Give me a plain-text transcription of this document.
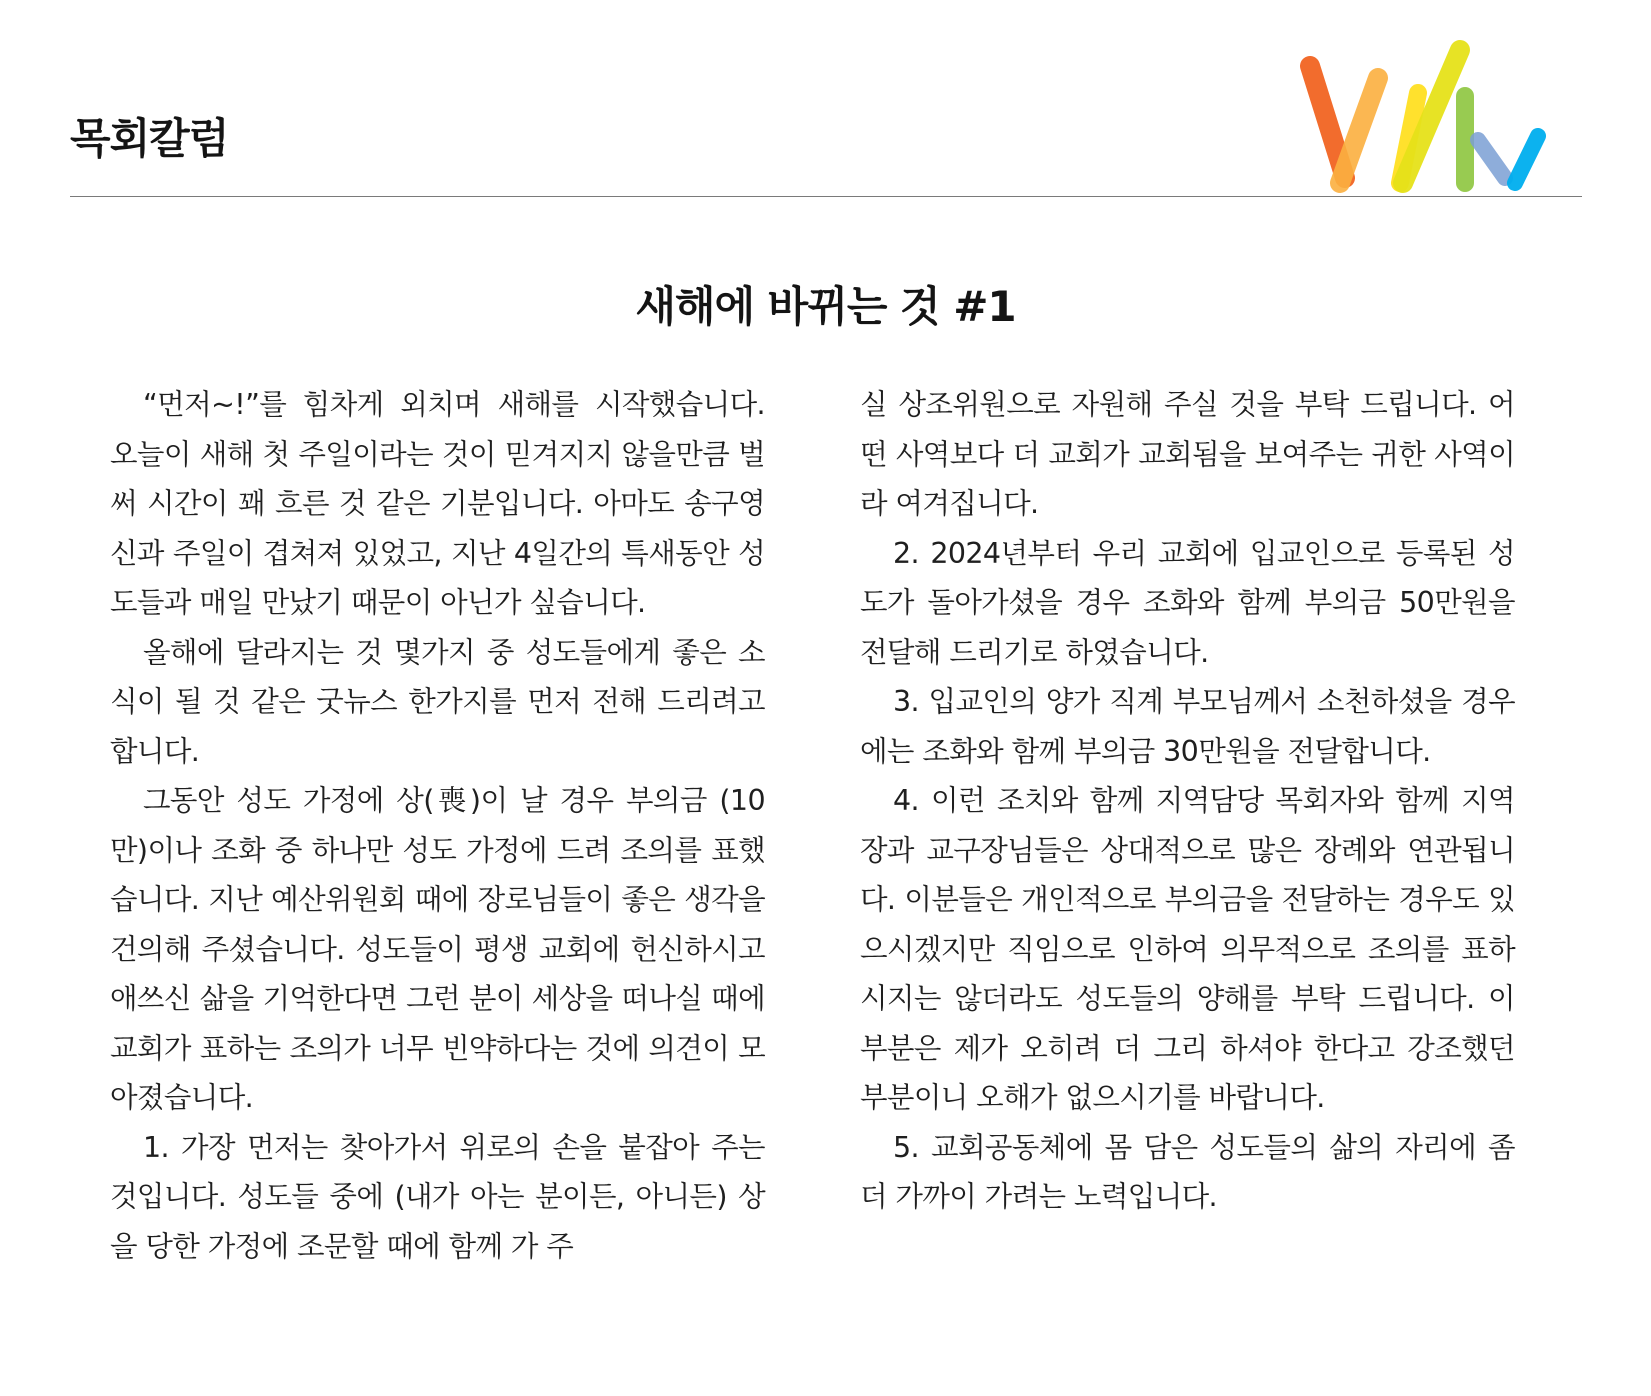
목회칼럼
새해에 바뀌는 것 #1

“먼저~!”를 힘차게 외치며 새해를 시작했습니다. 오늘이 새해 첫 주일이라는 것이 믿겨지지 않을만큼 벌써 시간이 꽤 흐른 것 같은 기분입니다. 아마도 송구영신과 주일이 겹쳐져 있었고, 지난 4일간의 특새동안 성도들과 매일 만났기 때문이 아닌가 싶습니다.

올해에 달라지는 것 몇가지 중 성도들에게 좋은 소식이 될 것 같은 굿뉴스 한가지를 먼저 전해 드리려고 합니다.

그동안 성도 가정에 상(喪)이 날 경우 부의금 (10만)이나 조화 중 하나만 성도 가정에 드려 조의를 표했습니다. 지난 예산위원회 때에 장로님들이 좋은 생각을 건의해 주셨습니다. 성도들이 평생 교회에 헌신하시고 애쓰신 삶을 기억한다면 그런 분이 세상을 떠나실 때에 교회가 표하는 조의가 너무 빈약하다는 것에 의견이 모아졌습니다.

1. 가장 먼저는 찾아가서 위로의 손을 붙잡아 주는 것입니다. 성도들 중에 (내가 아는 분이든, 아니든) 상을 당한 가정에 조문할 때에 함께 가 주

실 상조위원으로 자원해 주실 것을 부탁 드립니다. 어떤 사역보다 더 교회가 교회됨을 보여주는 귀한 사역이라 여겨집니다.

2. 2024년부터 우리 교회에 입교인으로 등록된 성도가 돌아가셨을 경우 조화와 함께 부의금 50만원을 전달해 드리기로 하였습니다.

3. 입교인의 양가 직계 부모님께서 소천하셨을 경우에는 조화와 함께 부의금 30만원을 전달합니다.

4. 이런 조치와 함께 지역담당 목회자와 함께 지역장과 교구장님들은 상대적으로 많은 장례와 연관됩니다. 이분들은 개인적으로 부의금을 전달하는 경우도 있으시겠지만 직임으로 인하여 의무적으로 조의를 표하시지는 않더라도 성도들의 양해를 부탁 드립니다. 이 부분은 제가 오히려 더 그리 하셔야 한다고 강조했던 부분이니 오해가 없으시기를 바랍니다.

5. 교회공동체에 몸 담은 성도들의 삶의 자리에 좀 더 가까이 가려는 노력입니다.
